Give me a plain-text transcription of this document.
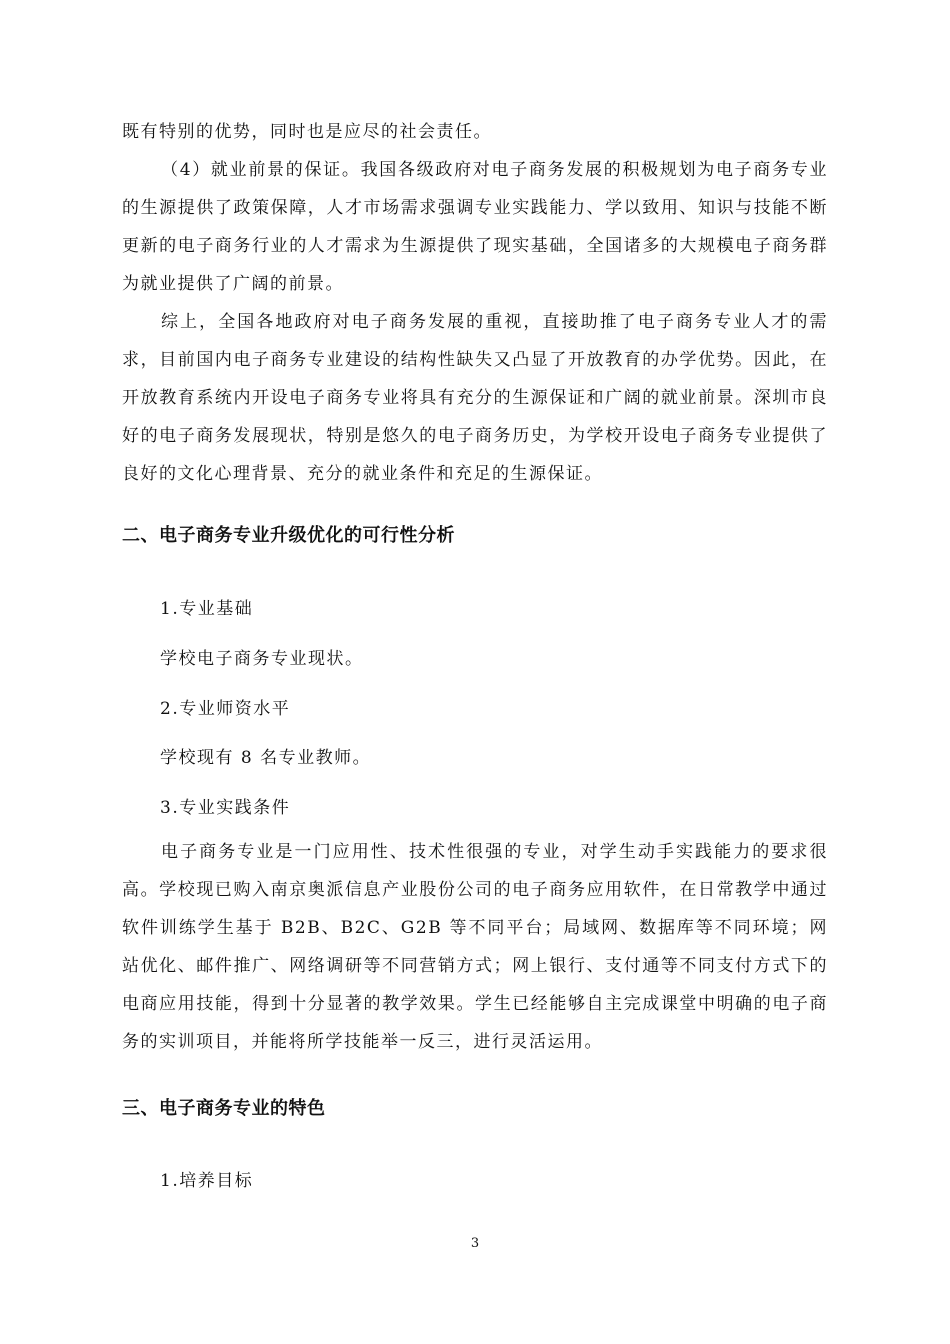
既有特别的优势，同时也是应尽的社会责任。

（4）就业前景的保证。我国各级政府对电子商务发展的积极规划为电子商务专业的生源提供了政策保障，人才市场需求强调专业实践能力、学以致用、知识与技能不断更新的电子商务行业的人才需求为生源提供了现实基础，全国诸多的大规模电子商务群为就业提供了广阔的前景。

综上，全国各地政府对电子商务发展的重视，直接助推了电子商务专业人才的需求，目前国内电子商务专业建设的结构性缺失又凸显了开放教育的办学优势。因此，在开放教育系统内开设电子商务专业将具有充分的生源保证和广阔的就业前景。深圳市良好的电子商务发展现状，特别是悠久的电子商务历史，为学校开设电子商务专业提供了良好的文化心理背景、充分的就业条件和充足的生源保证。

二、电子商务专业升级优化的可行性分析

1.专业基础

学校电子商务专业现状。

2.专业师资水平

学校现有 8 名专业教师。

3.专业实践条件

电子商务专业是一门应用性、技术性很强的专业，对学生动手实践能力的要求很高。学校现已购入南京奥派信息产业股份公司的电子商务应用软件，在日常教学中通过软件训练学生基于 B2B、B2C、G2B 等不同平台；局域网、数据库等不同环境；网站优化、邮件推广、网络调研等不同营销方式；网上银行、支付通等不同支付方式下的电商应用技能，得到十分显著的教学效果。学生已经能够自主完成课堂中明确的电子商务的实训项目，并能将所学技能举一反三，进行灵活运用。

三、电子商务专业的特色

1.培养目标

3
